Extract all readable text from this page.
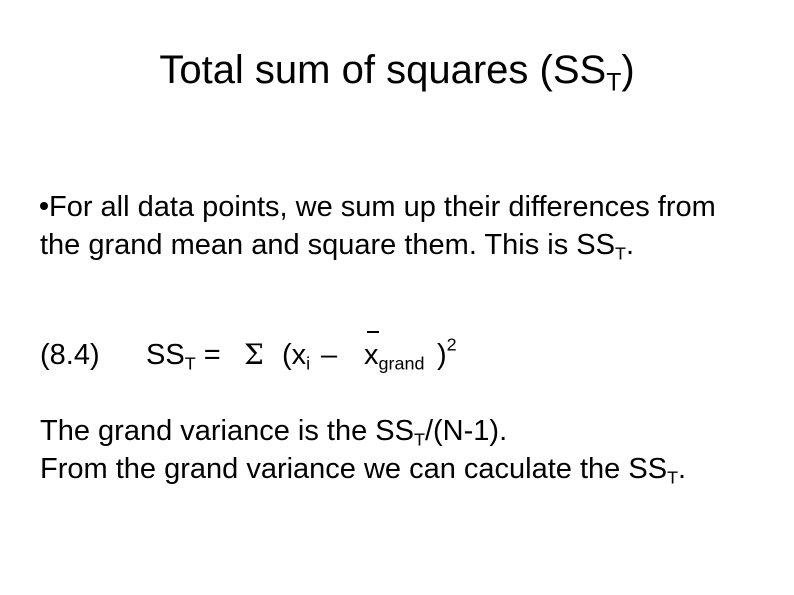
Total sum of squares $(SS_T)$
For all data points, we sum up their differences from the grand mean and square them. This is $SS_T$.
(8.4) $SS_T = \Sigma$ ($x_i - x_{grand}$ )$^2$
The grand variance is the $SS_T/(N-1)$.
From the grand variance we can caculate the $SS_T$.
